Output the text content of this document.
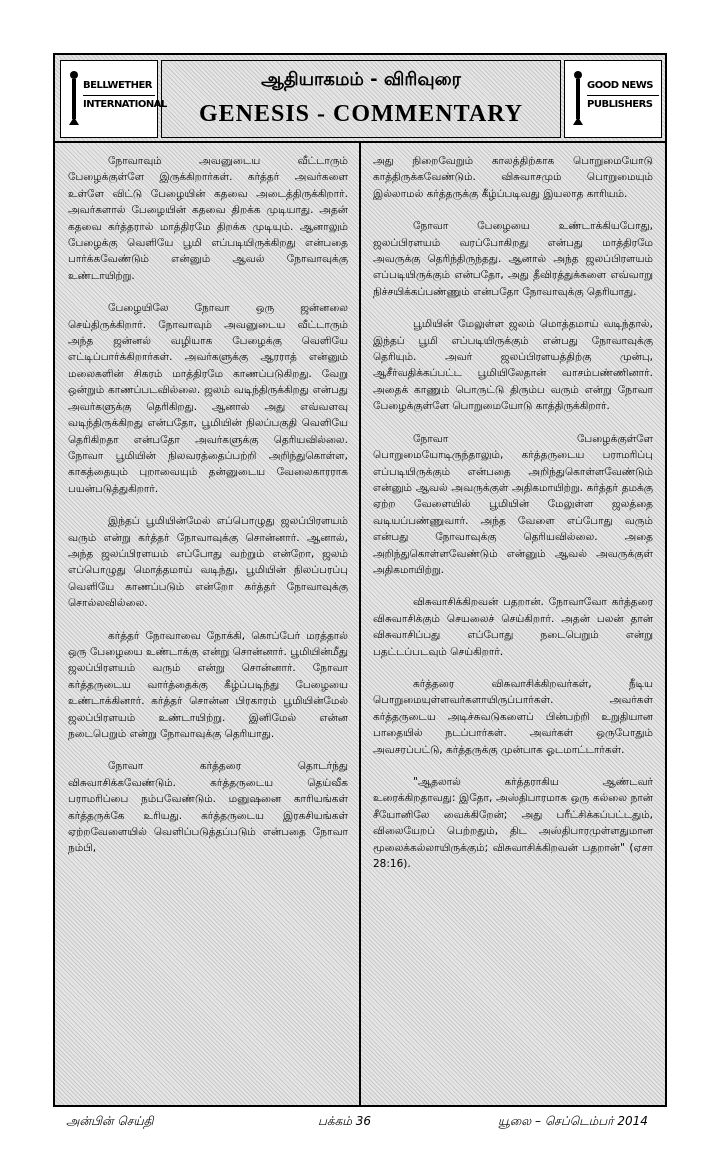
BELLWETHER
INTERNATIONAL
ஆதியாகமம் - விரிவுரை
GENESIS - COMMENTARY
GOOD NEWS
PUBLISHERS

நோவாவும் அவனுடைய வீட்டாரும் பேழைக்குள்ளே இருக்கிறார்கள். கர்த்தர் அவர்களை உள்ளே விட்டு பேழையின் கதவை அடைத்திருக்கிறார். அவர்களால் பேழையின் கதவை திறக்க முடியாது. அதன் கதவை கர்த்தரால் மாத்திரமே திறக்க முடியும். ஆனாலும் பேழைக்கு வெளியே பூமி எப்படியிருக்கிறது என்பதை பார்க்கவேண்டும் என்னும் ஆவல் நோவாவுக்கு உண்டாயிற்று.

பேழையிலே நோவா ஒரு ஜன்னலை செய்திருக்கிறார். நோவாவும் அவனுடைய வீட்டாரும் அந்த ஜன்னல் வழியாக பேழைக்கு வெளியே எட்டிப்பார்க்கிறார்கள். அவர்களுக்கு ஆரராத் என்னும் மலைகளின் சிகரம் மாத்திரமே காணப்படுகிறது. வேறு ஒன்றும் காணப்படவில்லை. ஜலம் வடிந்திருக்கிறது என்பது அவர்களுக்கு தெரிகிறது. ஆனால் அது எவ்வளவு வடிந்திருக்கிறது என்பதோ, பூமியின் நிலப்பகுதி வெளியே தெரிகிறதா என்பதோ அவர்களுக்கு தெரியவில்லை. நோவா பூமியின் நிலவரத்தைப்பற்றி அறிந்துகொள்ள, காகத்தையும் புறாவையும் தன்னுடைய வேலைகாரராக பயன்படுத்துகிறார்.

இந்தப் பூமியின்மேல் எப்பொழுது ஜலப்பிரளயம் வரும் என்று கர்த்தர் நோவாவுக்கு சொன்னார். ஆனால், அந்த ஜலப்பிரளயம் எப்போது வற்றும் என்றோ, ஜலம் எப்பொழுது மொத்தமாய் வடிந்து, பூமியின் நிலப்பரப்பு வெளியே காணப்படும் என்றோ கர்த்தர் நோவாவுக்கு சொல்லவில்லை.

கர்த்தர் நோவாவை நோக்கி, கொப்பேர் மரத்தால் ஒரு பேழையை உண்டாக்கு என்று சொன்னார். பூமியின்மீது ஜலப்பிரளயம் வரும் என்று சொன்னார். நோவா கர்த்தருடைய வார்த்தைக்கு கீழ்ப்படிந்து பேழையை உண்டாக்கினார். கர்த்தர் சொன்ன பிரகாரம் பூமியின்மேல் ஜலப்பிரளயம் உண்டாயிற்று. இனிமேல் என்ன நடைபெறும் என்று நோவாவுக்கு தெரியாது.

நோவா கர்த்தரை தொடர்ந்து விசுவாசிக்கவேண்டும். கர்த்தருடைய தெய்வீக பராமரிப்பை நம்பவேண்டும். மனுஷனை காரியங்கள் கர்த்தருக்கே உரியது. கர்த்தருடைய இரகசியங்கள் ஏற்றவேளையில் வெளிப்படுத்தப்படும் என்பதை நோவா நம்பி,

அது நிறைவேறும் காலத்திற்காக பொறுமையோடு காத்திருக்கவேண்டும். விசுவாசமும் பொறுமையும் இல்லாமல் கர்த்தருக்கு கீழ்ப்படிவது இயலாத காரியம்.

நோவா பேழையை உண்டாக்கியபோது, ஜலப்பிரளயம் வரப்போகிறது என்பது மாத்திரமே அவருக்கு தெரிந்திருந்தது. ஆனால் அந்த ஜலப்பிரளயம் எப்படியிருக்கும் என்பதோ, அது தீவிரத்துக்களை எவ்வாறு நிச்சயிக்கப்பண்ணும் என்பதோ நோவாவுக்கு தெரியாது.

பூமியின் மேலுள்ள ஜலம் மொத்தமாய் வடிந்தால், இந்தப் பூமி எப்படியிருக்கும் என்பது நோவாவுக்கு தெரியும். அவர் ஜலப்பிரளயத்திற்கு முன்பு, ஆசீர்வதிக்கப்பட்ட பூமியிலேதான் வாசம்பண்ணினார். அதைக் காணும் பொருட்டு திரும்ப வரும் என்று நோவா பேழைக்குள்ளே பொறுமையோடு காத்திருக்கிறார்.

நோவா பேழைக்குள்ளே பொறுமையோடிருந்தாலும், கர்த்தருடைய பராமரிப்பு எப்படியிருக்கும் என்பதை அறிந்துகொள்ளவேண்டும் என்னும் ஆவல் அவருக்குள் அதிகமாயிற்று. கர்த்தர் தமக்கு ஏற்ற வேளையில் பூமியின் மேலுள்ள ஜலத்தை வடியப்பண்ணுவார். அந்த வேளை எப்போது வரும் என்பது நோவாவுக்கு தெரியவில்லை. அதை அறிந்துகொள்ளவேண்டும் என்னும் ஆவல் அவருக்குள் அதிகமாயிற்று.

விசுவாசிக்கிறவன் பதறான். நோவாவோ கர்த்தரை விசுவாசிக்கும் செயலைச் செய்கிறார். அதன் பலன் தான் விசுவாசிப்பது எப்போது நடைபெறும் என்று பதட்டப்படவும் செய்கிறார்.

கர்த்தரை விசுவாசிக்கிறவர்கள், நீடிய பொறுமையுள்ளவர்களாயிருப்பார்கள். அவர்கள் கர்த்தருடைய அடிச்சுவடுகளைப் பின்பற்றி உறுதியான பாதையில் நடப்பார்கள். அவர்கள் ஒருபோதும் அவசரப்பட்டு, கர்த்தருக்கு முன்பாக ஓடமாட்டார்கள்.

"ஆதலால் கர்த்தராகிய ஆண்டவர் உரைக்கிறதாவது: இதோ, அஸ்திபாரமாக ஒரு கல்லை நான் சீயோனிலே வைக்கிறேன்; அது பரீட்சிக்கப்பட்டதும், விலையேறப் பெற்றதும், திட அஸ்திபாரமுள்ளதுமான மூலைக்கல்லாயிருக்கும்; விசுவாசிக்கிறவன் பதறான்" (ஏசா 28:16).

அன்பின் செய்தி	பக்கம் 36	யூலை – செப்டெம்பர் 2014
